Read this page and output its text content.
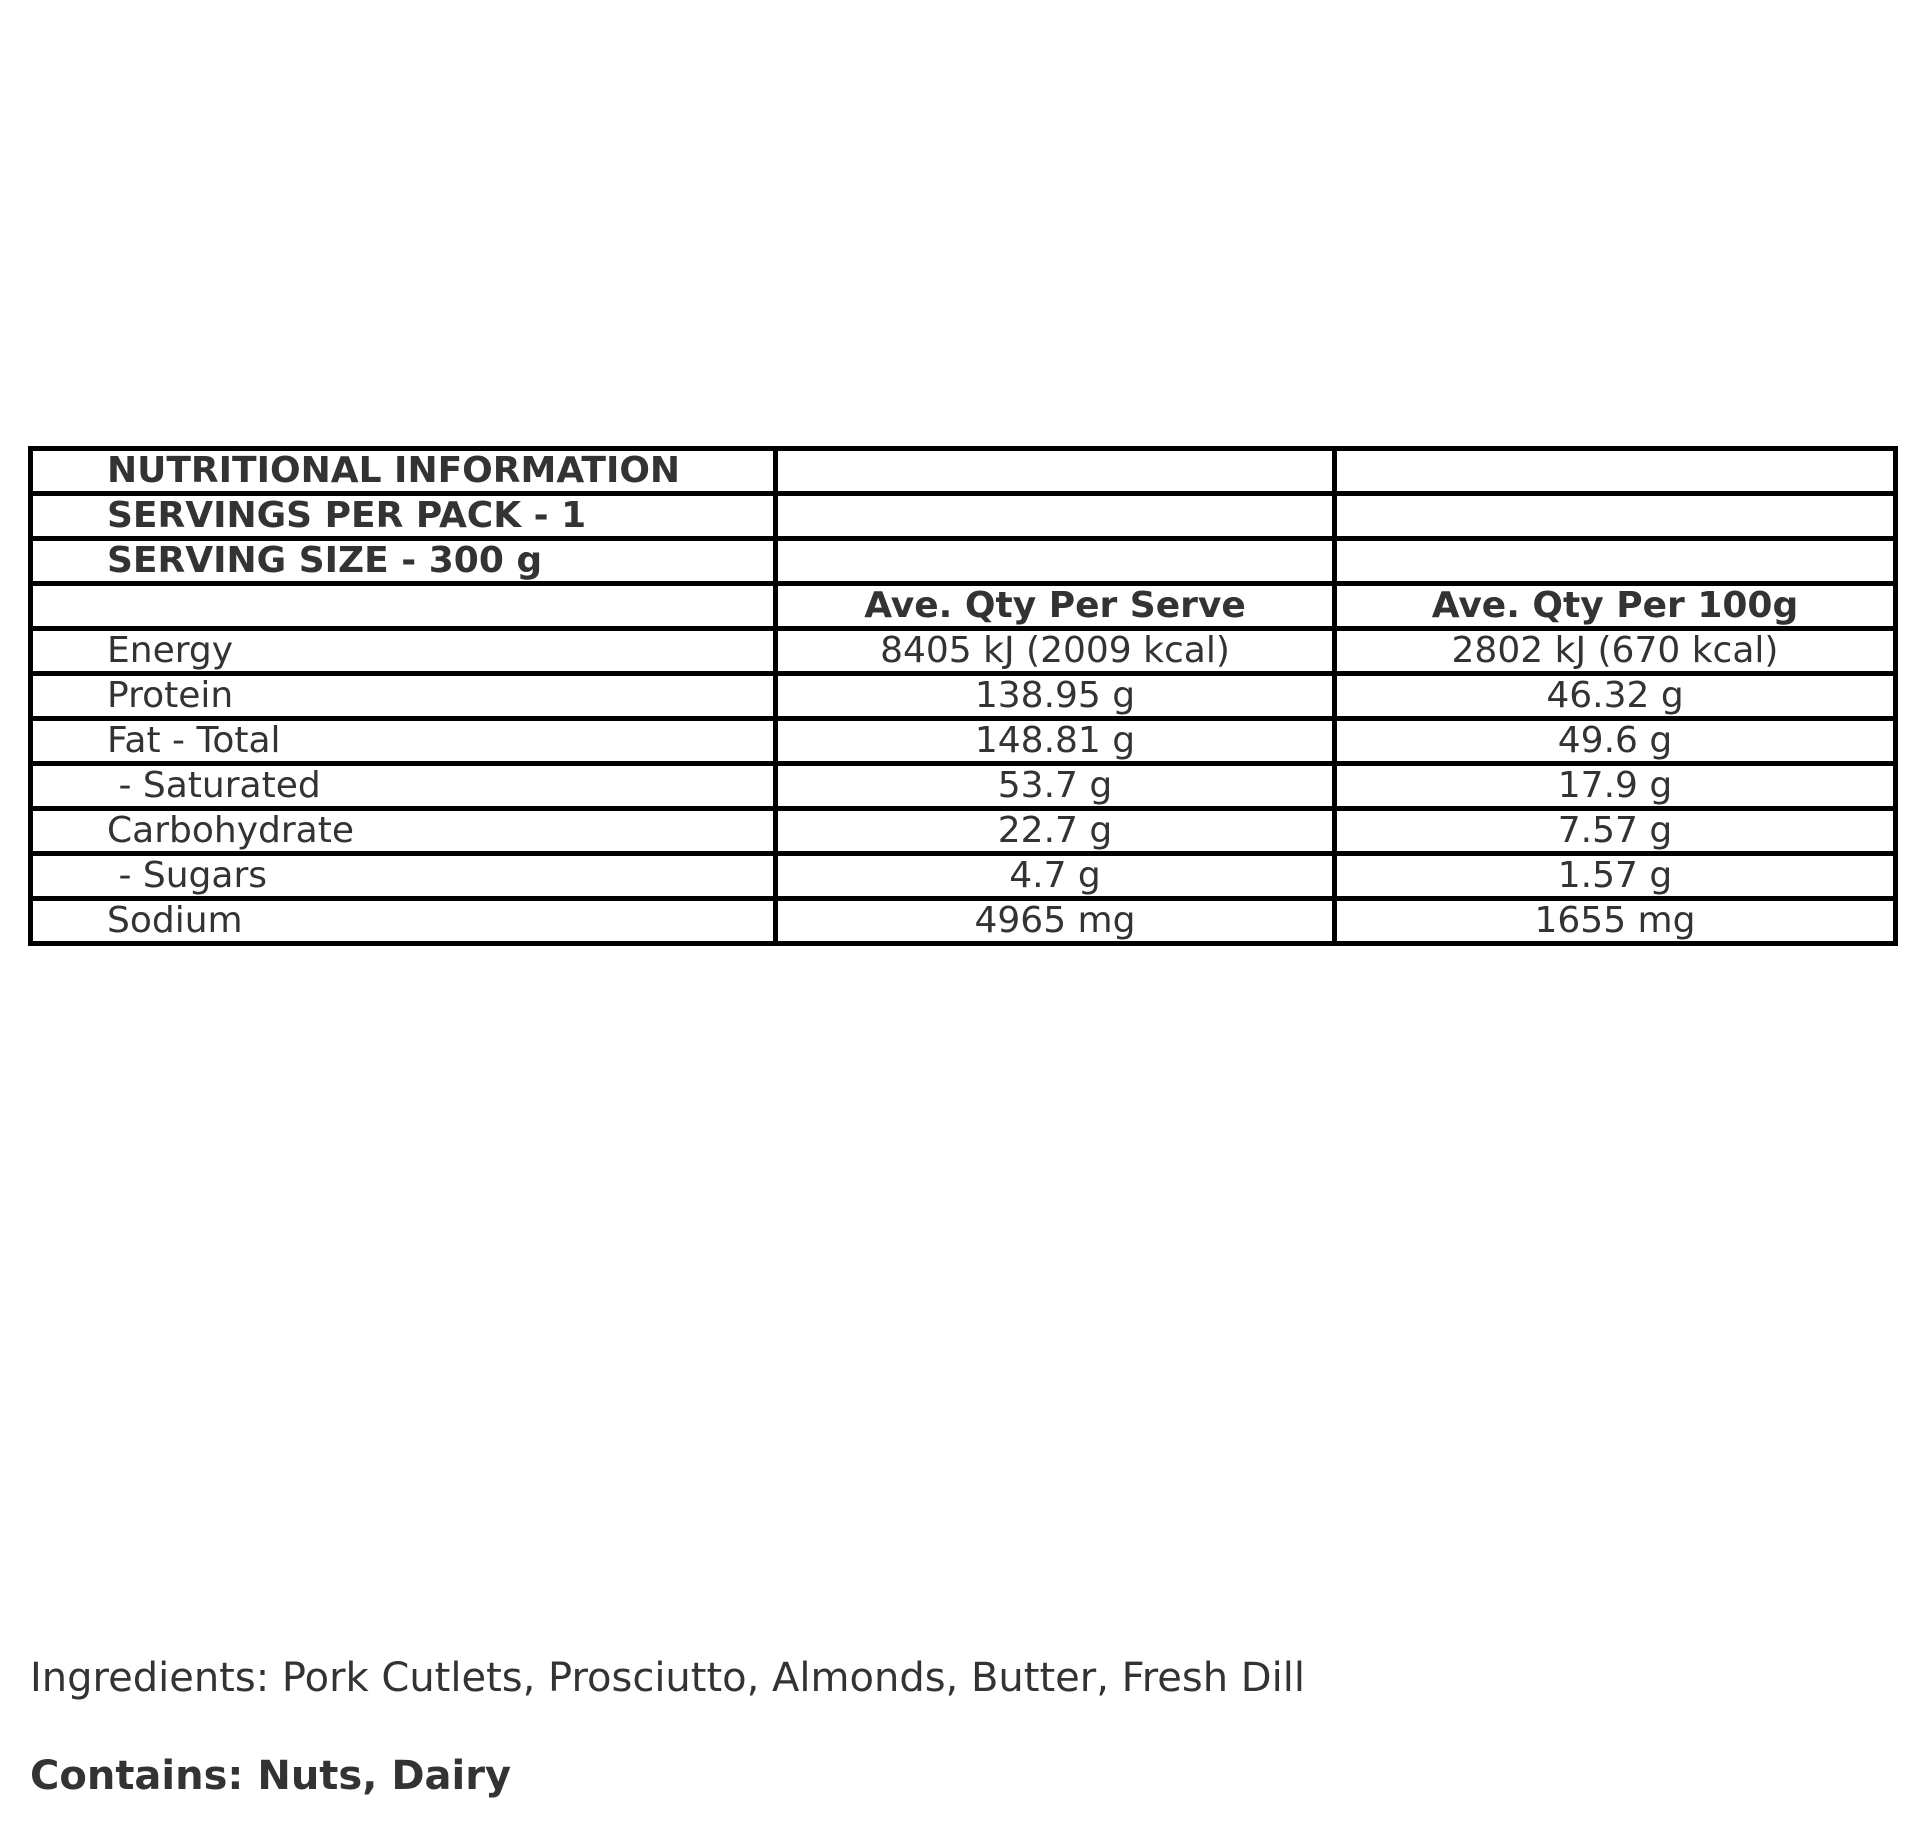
NUTRITIONAL INFORMATION		
SERVINGS PER PACK - 1		
SERVING SIZE - 300 g		
	Ave. Qty Per Serve	Ave. Qty Per 100g
Energy	8405 kJ (2009 kcal)	2802 kJ (670 kcal)
Protein	138.95 g	46.32 g
Fat - Total	148.81 g	49.6 g
- Saturated	53.7 g	17.9 g
Carbohydrate	22.7 g	7.57 g
- Sugars	4.7 g	1.57 g
Sodium	4965 mg	1655 mg
Ingredients: Pork Cutlets, Prosciutto, Almonds, Butter, Fresh Dill
Contains: Nuts, Dairy
